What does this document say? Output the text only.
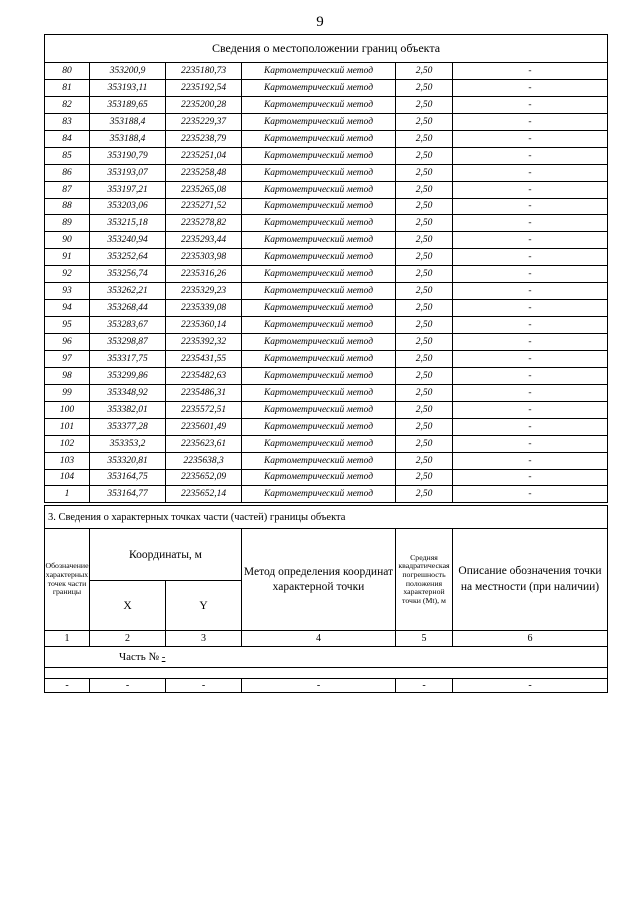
9
Сведения о местоположении границ объекта					
80	353200,9	2235180,73	Картометрический метод	2,50	-
81	353193,11	2235192,54	Картометрический метод	2,50	-
82	353189,65	2235200,28	Картометрический метод	2,50	-
83	353188,4	2235229,37	Картометрический метод	2,50	-
84	353188,4	2235238,79	Картометрический метод	2,50	-
85	353190,79	2235251,04	Картометрический метод	2,50	-
86	353193,07	2235258,48	Картометрический метод	2,50	-
87	353197,21	2235265,08	Картометрический метод	2,50	-
88	353203,06	2235271,52	Картометрический метод	2,50	-
89	353215,18	2235278,82	Картометрический метод	2,50	-
90	353240,94	2235293,44	Картометрический метод	2,50	-
91	353252,64	2235303,98	Картометрический метод	2,50	-
92	353256,74	2235316,26	Картометрический метод	2,50	-
93	353262,21	2235329,23	Картометрический метод	2,50	-
94	353268,44	2235339,08	Картометрический метод	2,50	-
95	353283,67	2235360,14	Картометрический метод	2,50	-
96	353298,87	2235392,32	Картометрический метод	2,50	-
97	353317,75	2235431,55	Картометрический метод	2,50	-
98	353299,86	2235482,63	Картометрический метод	2,50	-
99	353348,92	2235486,31	Картометрический метод	2,50	-
100	353382,01	2235572,51	Картометрический метод	2,50	-
101	353377,28	2235601,49	Картометрический метод	2,50	-
102	353353,2	2235623,61	Картометрический метод	2,50	-
103	353320,81	2235638,3	Картометрический метод	2,50	-
104	353164,75	2235652,09	Картометрический метод	2,50	-
1	353164,77	2235652,14	Картометрический метод	2,50	-
3. Сведения о характерных точках части (частей) границы объекта					
Обозначение характерных точек части границы	Координаты, м		Метод определения координат характерной точки	Средняя квадратическая погрешность положения характерной точки (Mt), м	Описание обозначения точки на местности (при наличии)
	X	Y			
1	2	3	4	5	6
Часть № -					

-	-	-	-	-	-
